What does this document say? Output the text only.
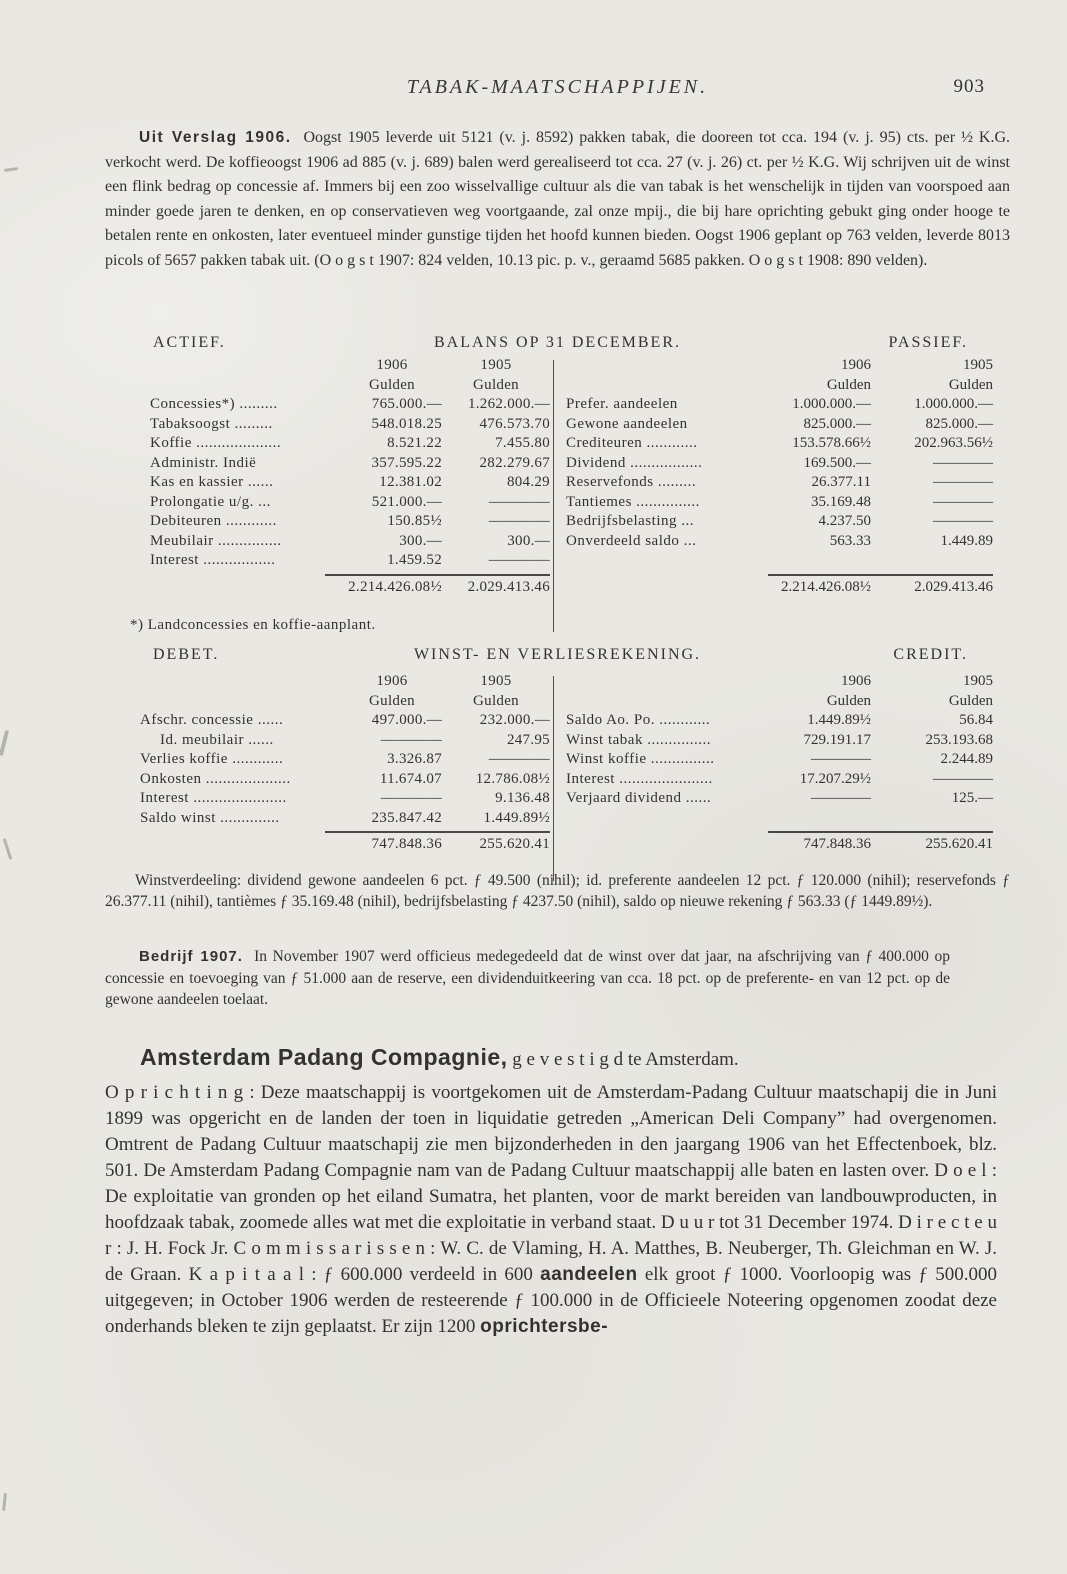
TABAK-MAATSCHAPPIJEN.	903
Uit Verslag 1906. Oogst 1905 leverde uit 5121 (v. j. 8592) pakken tabak, die dooreen tot cca. 194 (v. j. 95) cts. per ½ K.G. verkocht werd. De koffieoogst 1906 ad 885 (v. j. 689) balen werd gerealiseerd tot cca. 27 (v. j. 26) ct. per ½ K.G. Wij schrijven uit de winst een flink bedrag op concessie af. Immers bij een zoo wisselvallige cultuur als die van tabak is het wenschelijk in tijden van voorspoed aan minder goede jaren te denken, en op conservatieven weg voortgaande, zal onze mpij., die bij hare oprichting gebukt ging onder hooge te betalen rente en onkosten, later eventueel minder gunstige tijden het hoofd kunnen bieden. Oogst 1906 geplant op 763 velden, leverde 8013 picols of 5657 pakken tabak uit. (O o g s t 1907: 824 velden, 10.13 pic. p. v., geraamd 5685 pakken. O o g s t 1908: 890 velden).
ACTIEF.	BALANS OP 31 DECEMBER.	PASSIEF.
1906	1905
Gulden	Gulden
Concessies*) .........	765.000.—	1.262.000.—
Tabaksoogst .........	548.018.25	476.573.70
Koffie ....................	8.521.22	7.455.80
Administr. Indië	357.595.22	282.279.67
Kas en kassier ......	12.381.02	804.29
Prolongatie u/g. ...	521.000.—	————
Debiteuren ............	150.85½	————
Meubilair ...............	300.—	300.—
Interest .................	1.459.52	————
2.214.426.08½	2.029.413.46
1906	1905
Gulden	Gulden
Prefer. aandeelen	1.000.000.—	1.000.000.—
Gewone aandeelen	825.000.—	825.000.—
Crediteuren ............	153.578.66½	202.963.56½
Dividend .................	169.500.—	————
Reservefonds .........	26.377.11	————
Tantiemes ...............	35.169.48	————
Bedrijfsbelasting ...	4.237.50	————
Onverdeeld saldo ...	563.33	1.449.89
2.214.426.08½	2.029.413.46
*) Landconcessies en koffie-aanplant.
DEBET.	WINST- EN VERLIESREKENING.	CREDIT.
1906	1905
Gulden	Gulden
Afschr. concessie ......	497.000.—	232.000.—
Id. meubilair ......	————	247.95
Verlies koffie ............	3.326.87	————
Onkosten ....................	11.674.07	12.786.08½
Interest ......................	————	9.136.48
Saldo winst ..............	235.847.42	1.449.89½
747.848.36	255.620.41
1906	1905
Gulden	Gulden
Saldo Ao. Po. ............	1.449.89½	56.84
Winst tabak ...............	729.191.17	253.193.68
Winst koffie ...............	————	2.244.89
Interest ......................	17.207.29½	————
Verjaard dividend ......	————	125.—
747.848.36	255.620.41
Winstverdeeling: dividend gewone aandeelen 6 pct. ƒ 49.500 (nihil); id. preferente aandeelen 12 pct. ƒ 120.000 (nihil); reservefonds ƒ 26.377.11 (nihil), tantièmes ƒ 35.169.48 (nihil), bedrijfsbelasting ƒ 4237.50 (nihil), saldo op nieuwe rekening ƒ 563.33 (ƒ 1449.89½).
Bedrijf 1907. In November 1907 werd officieus medegedeeld dat de winst over dat jaar, na afschrijving van ƒ 400.000 op concessie en toevoeging van ƒ 51.000 aan de reserve, een dividenduitkeering van cca. 18 pct. op de preferente- en van 12 pct. op de gewone aandeelen toelaat.
Amsterdam Padang Compagnie, g e v e s t i g d te Amsterdam.
O p r i c h t i n g : Deze maatschappij is voortgekomen uit de Amsterdam-Padang Cultuur maatschapij die in Juni 1899 was opgericht en de landen der toen in liquidatie getreden „American Deli Company” had overgenomen. Omtrent de Padang Cultuur maatschapij zie men bijzonderheden in den jaargang 1906 van het Effectenboek, blz. 501. De Amsterdam Padang Compagnie nam van de Padang Cultuur maatschappij alle baten en lasten over. D o e l : De exploitatie van gronden op het eiland Sumatra, het planten, voor de markt bereiden van landbouwproducten, in hoofdzaak tabak, zoomede alles wat met die exploitatie in verband staat. D u u r tot 31 December 1974. D i r e c t e u r : J. H. Fock Jr. C o m m i s s a r i s s e n : W. C. de Vlaming, H. A. Matthes, B. Neuberger, Th. Gleichman en W. J. de Graan. K a p i t a a l : ƒ 600.000 verdeeld in 600 aandeelen elk groot ƒ 1000. Voorloopig was ƒ 500.000 uitgegeven; in October 1906 werden de resteerende ƒ 100.000 in de Officieele Noteering opgenomen zoodat deze onderhands bleken te zijn geplaatst. Er zijn 1200 oprichtersbe-
